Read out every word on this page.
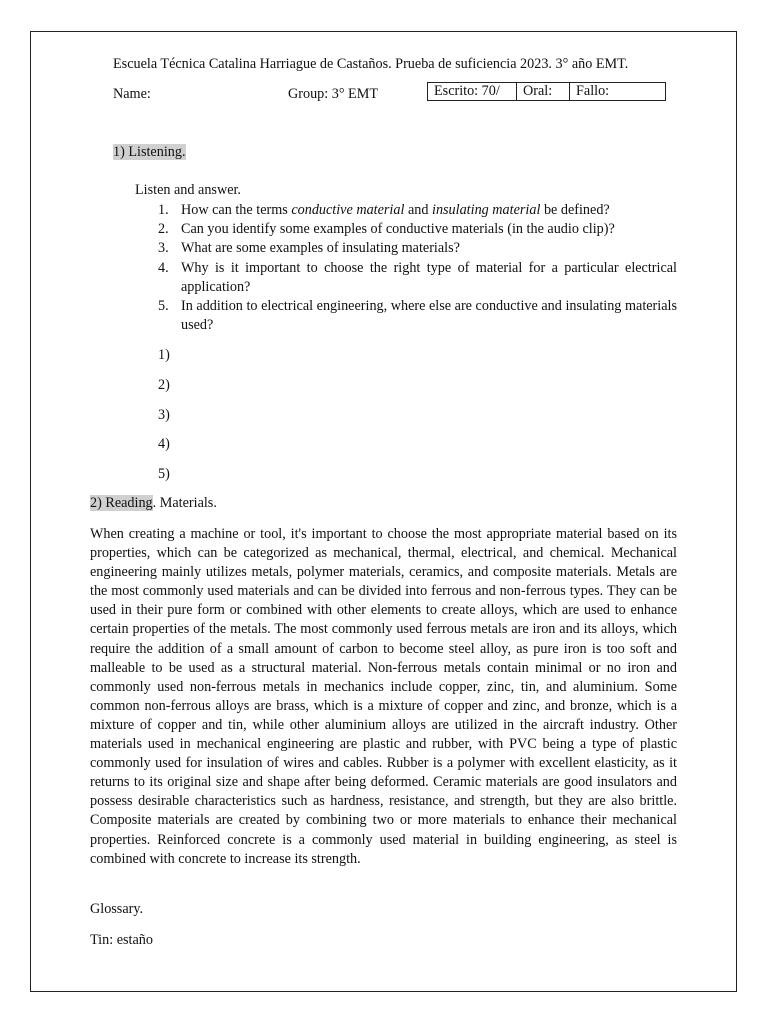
Escuela Técnica Catalina Harriague de Castaños. Prueba de suficiencia 2023. 3° año EMT.
Name:	Group: 3° EMT	Escrito: 70/	Oral:	Fallo:
1) Listening.
Listen and answer.
1. How can the terms conductive material and insulating material be defined?
2. Can you identify some examples of conductive materials (in the audio clip)?
3. What are some examples of insulating materials?
4. Why is it important to choose the right type of material for a particular electrical application?
5. In addition to electrical engineering, where else are conductive and insulating materials used?
1)
2)
3)
4)
5)
2) Reading. Materials.

When creating a machine or tool, it's important to choose the most appropriate material based on its properties, which can be categorized as mechanical, thermal, electrical, and chemical. Mechanical engineering mainly utilizes metals, polymer materials, ceramics, and composite materials. Metals are the most commonly used materials and can be divided into ferrous and non-ferrous types. They can be used in their pure form or combined with other elements to create alloys, which are used to enhance certain properties of the metals. The most commonly used ferrous metals are iron and its alloys, which require the addition of a small amount of carbon to become steel alloy, as pure iron is too soft and malleable to be used as a structural material. Non-ferrous metals contain minimal or no iron and commonly used non-ferrous metals in mechanics include copper, zinc, tin, and aluminium. Some common non-ferrous alloys are brass, which is a mixture of copper and zinc, and bronze, which is a mixture of copper and tin, while other aluminium alloys are utilized in the aircraft industry. Other materials used in mechanical engineering are plastic and rubber, with PVC being a type of plastic commonly used for insulation of wires and cables. Rubber is a polymer with excellent elasticity, as it returns to its original size and shape after being deformed. Ceramic materials are good insulators and possess desirable characteristics such as hardness, resistance, and strength, but they are also brittle. Composite materials are created by combining two or more materials to enhance their mechanical properties. Reinforced concrete is a commonly used material in building engineering, as steel is combined with concrete to increase its strength.

Glossary.
Tin: estaño
